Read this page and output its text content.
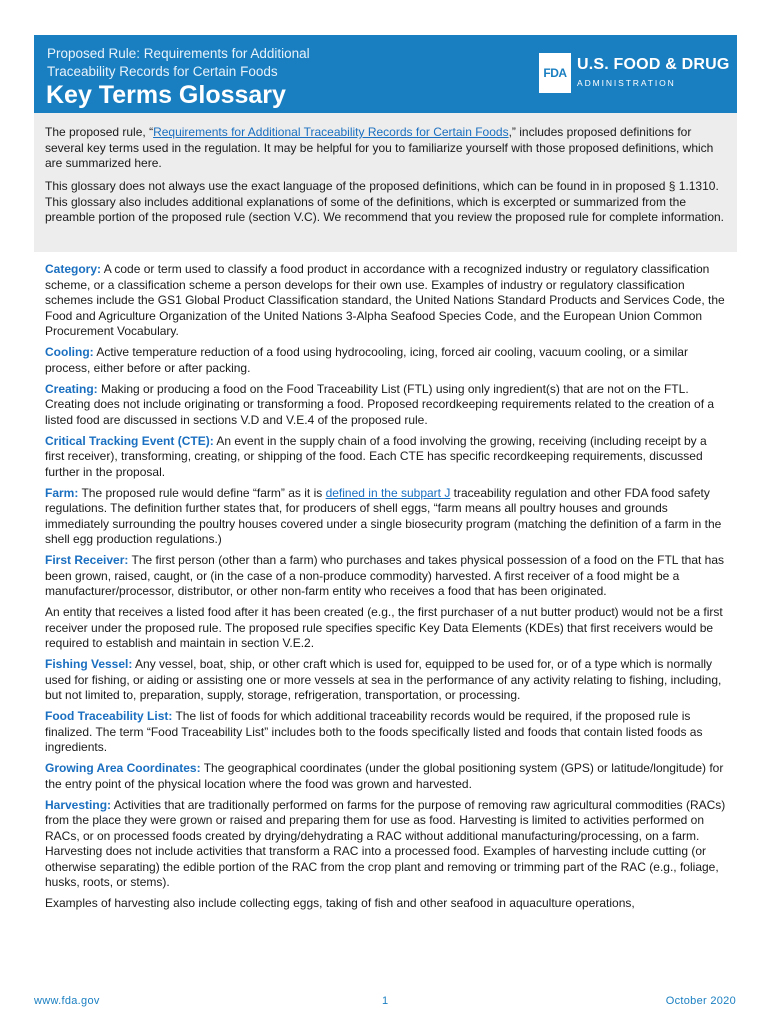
Proposed Rule: Requirements for Additional
Traceability Records for Certain Foods
Key Terms Glossary
FDA U.S. FOOD & DRUG
ADMINISTRATION

The proposed rule, “Requirements for Additional Traceability Records for Certain Foods,” includes proposed definitions for several key terms used in the regulation. It may be helpful for you to familiarize yourself with those proposed definitions, which are summarized here.

This glossary does not always use the exact language of the proposed definitions, which can be found in in proposed § 1.1310. This glossary also includes additional explanations of some of the definitions, which is excerpted or summarized from the preamble portion of the proposed rule (section V.C). We recommend that you review the proposed rule for complete information.

Category: A code or term used to classify a food product in accordance with a recognized industry or regulatory classification scheme, or a classification scheme a person develops for their own use. Examples of industry or regulatory classification schemes include the GS1 Global Product Classification standard, the United Nations Standard Products and Services Code, the Food and Agriculture Organization of the United Nations 3-Alpha Seafood Species Code, and the European Union Common Procurement Vocabulary.

Cooling: Active temperature reduction of a food using hydrocooling, icing, forced air cooling, vacuum cooling, or a similar process, either before or after packing.

Creating: Making or producing a food on the Food Traceability List (FTL) using only ingredient(s) that are not on the FTL. Creating does not include originating or transforming a food. Proposed recordkeeping requirements related to the creation of a listed food are discussed in sections V.D and V.E.4 of the proposed rule.

Critical Tracking Event (CTE): An event in the supply chain of a food involving the growing, receiving (including receipt by a first receiver), transforming, creating, or shipping of the food. Each CTE has specific recordkeeping requirements, discussed further in the proposal.

Farm: The proposed rule would define “farm” as it is defined in the subpart J traceability regulation and other FDA food safety regulations. The definition further states that, for producers of shell eggs, “farm means all poultry houses and grounds immediately surrounding the poultry houses covered under a single biosecurity program (matching the definition of a farm in the shell egg production regulations.)

First Receiver: The first person (other than a farm) who purchases and takes physical possession of a food on the FTL that has been grown, raised, caught, or (in the case of a non-produce commodity) harvested. A first receiver of a food might be a manufacturer/processor, distributor, or other non-farm entity who receives a food that has been originated.

An entity that receives a listed food after it has been created (e.g., the first purchaser of a nut butter product) would not be a first receiver under the proposed rule. The proposed rule specifies specific Key Data Elements (KDEs) that first receivers would be required to establish and maintain in section V.E.2.

Fishing Vessel: Any vessel, boat, ship, or other craft which is used for, equipped to be used for, or of a type which is normally used for fishing, or aiding or assisting one or more vessels at sea in the performance of any activity relating to fishing, including, but not limited to, preparation, supply, storage, refrigeration, transportation, or processing.

Food Traceability List: The list of foods for which additional traceability records would be required, if the proposed rule is finalized. The term “Food Traceability List” includes both to the foods specifically listed and foods that contain listed foods as ingredients.

Growing Area Coordinates: The geographical coordinates (under the global positioning system (GPS) or latitude/longitude) for the entry point of the physical location where the food was grown and harvested.

Harvesting: Activities that are traditionally performed on farms for the purpose of removing raw agricultural commodities (RACs) from the place they were grown or raised and preparing them for use as food. Harvesting is limited to activities performed on RACs, or on processed foods created by drying/dehydrating a RAC without additional manufacturing/processing, on a farm. Harvesting does not include activities that transform a RAC into a processed food. Examples of harvesting include cutting (or otherwise separating) the edible portion of the RAC from the crop plant and removing or trimming part of the RAC (e.g., foliage, husks, roots, or stems).

Examples of harvesting also include collecting eggs, taking of fish and other seafood in aquaculture operations,

www.fda.gov	1	October 2020
